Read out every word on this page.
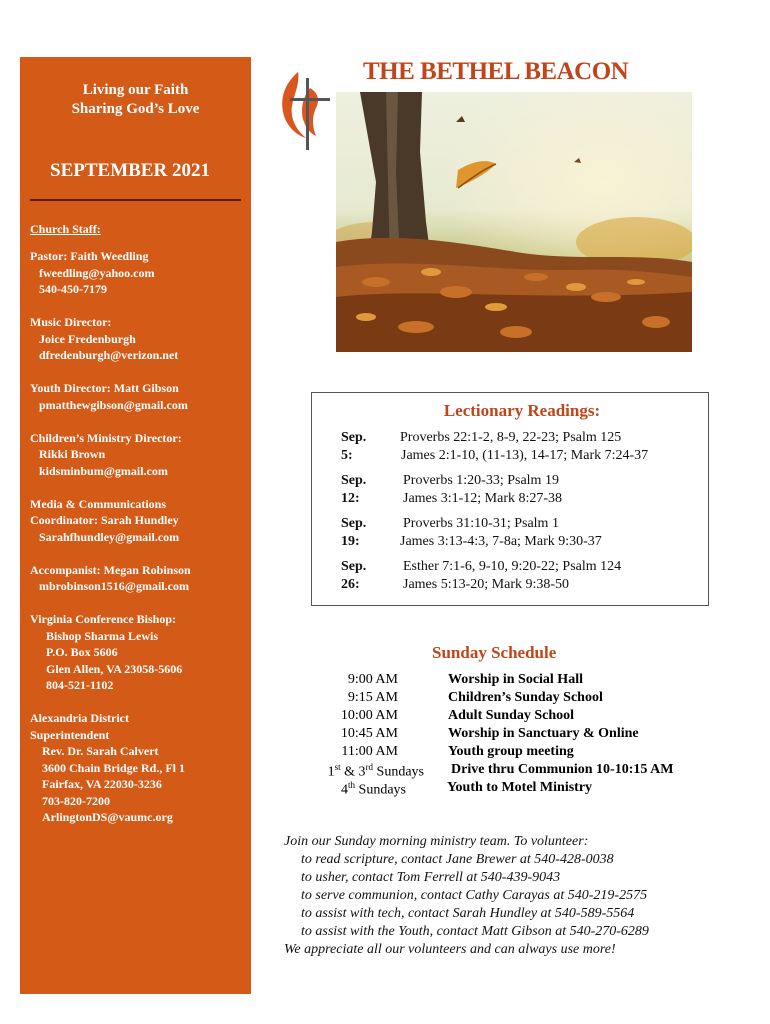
Living our Faith
Sharing God’s Love
SEPTEMBER 2021

Church Staff:

Pastor: Faith Weedling
fweedling@yahoo.com
540-450-7179

Music Director:
Joice Fredenburgh
dfredenburgh@verizon.net

Youth Director: Matt Gibson
pmatthewgibson@gmail.com

Children’s Ministry Director:
Rikki Brown
kidsminbum@gmail.com

Media & Communications
Coordinator: Sarah Hundley
Sarahfhundley@gmail.com

Accompanist: Megan Robinson
mbrobinson1516@gmail.com

Virginia Conference Bishop:
Bishop Sharma Lewis
P.O. Box 5606
Glen Allen, VA 23058-5606
804-521-1102

Alexandria District
Superintendent
Rev. Dr. Sarah Calvert
3600 Chain Bridge Rd., Fl 1
Fairfax, VA 22030-3236
703-820-7200
ArlingtonDS@vaumc.org

THE BETHEL BEACON
Lectionary Readings:
Sep. 5:
Proverbs 22:1-2, 8-9, 22-23; Psalm 125
James 2:1-10, (11-13), 14-17; Mark 7:24-37
Sep. 12:
Proverbs 1:20-33; Psalm 19
James 3:1-12; Mark 8:27-38
Sep. 19:
Proverbs 31:10-31; Psalm 1
James 3:13-4:3, 7-8a; Mark 9:30-37
Sep. 26:
Esther 7:1-6, 9-10, 9:20-22; Psalm 124
James 5:13-20; Mark 9:38-50
Sunday Schedule
9:00 AM	Worship in Social Hall
9:15 AM	Children’s Sunday School
10:00 AM	Adult Sunday School
10:45 AM	Worship in Sanctuary & Online
11:00 AM	Youth group meeting
1st & 3rd Sundays Drive thru Communion 10-10:15 AM
4th Sundays	Youth to Motel Ministry
Join our Sunday morning ministry team. To volunteer:
to read scripture, contact Jane Brewer at 540-428-0038
to usher, contact Tom Ferrell at 540-439-9043
to serve communion, contact Cathy Carayas at 540-219-2575
to assist with tech, contact Sarah Hundley at 540-589-5564
to assist with the Youth, contact Matt Gibson at 540-270-6289
We appreciate all our volunteers and can always use more!
